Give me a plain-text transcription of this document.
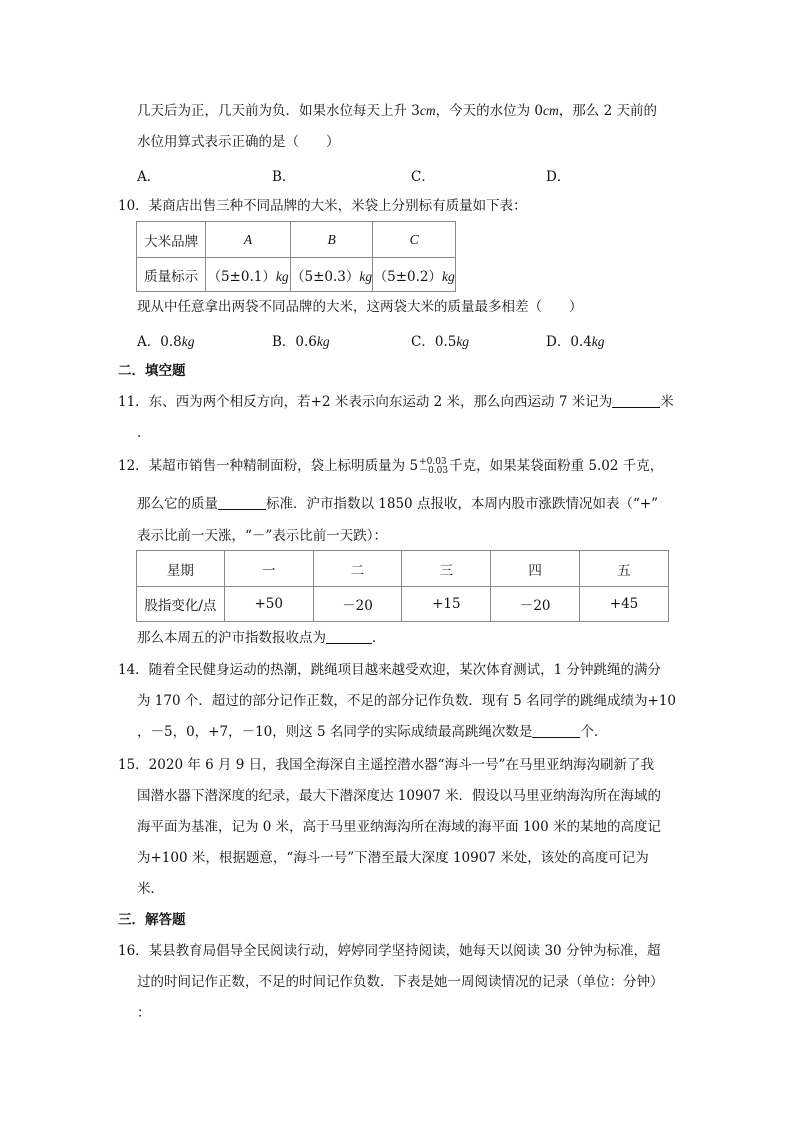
几天后为正，几天前为负．如果水位每天上升 3cm，今天的水位为 0cm，那么 2 天前的
水位用算式表示正确的是（　　）
A．	B．	C．	D．
10．某商店出售三种不同品牌的大米，米袋上分别标有质量如下表：
大米品牌	A	B	C
质量标示	（5±0.1）kg	（5±0.3）kg	（5±0.2）kg
现从中任意拿出两袋不同品牌的大米，这两袋大米的质量最多相差（　　）
A．0.8kg	B．0.6kg	C．0.5kg	D．0.4kg
二．填空题
11．东、西为两个相反方向，若+2 米表示向东运动 2 米，那么向西运动 7 米记为	米
．
12．某超市销售一种精制面粉，袋上标明质量为 5 +0.03
－0.03 千克，如果某袋面粉重 5.02 千克，
那么它的质量	标准．沪市指数以 1850 点报收，本周内股市涨跌情况如表（“+”
表示比前一天涨，“－”表示比前一天跌）：
星期	一	二	三	四	五
股指变化/点	+50	－20	+15	－20	+45
那么本周五的沪市指数报收点为	．
14．随着全民健身运动的热潮，跳绳项目越来越受欢迎，某次体育测试，1 分钟跳绳的满分
为 170 个．超过的部分记作正数，不足的部分记作负数．现有 5 名同学的跳绳成绩为+10
，－5，0，+7，－10，则这 5 名同学的实际成绩最高跳绳次数是	个．
15．2020 年 6 月 9 日，我国全海深自主遥控潜水器“海斗一号”在马里亚纳海沟刷新了我
国潜水器下潜深度的纪录，最大下潜深度达 10907 米．假设以马里亚纳海沟所在海域的
海平面为基准，记为 0 米，高于马里亚纳海沟所在海域的海平面 100 米的某地的高度记
为+100 米，根据题意，“海斗一号”下潜至最大深度 10907 米处，该处的高度可记为
米．
三．解答题
16．某县教育局倡导全民阅读行动，婷婷同学坚持阅读，她每天以阅读 30 分钟为标准，超
过的时间记作正数，不足的时间记作负数．下表是她一周阅读情况的记录（单位：分钟）
：
